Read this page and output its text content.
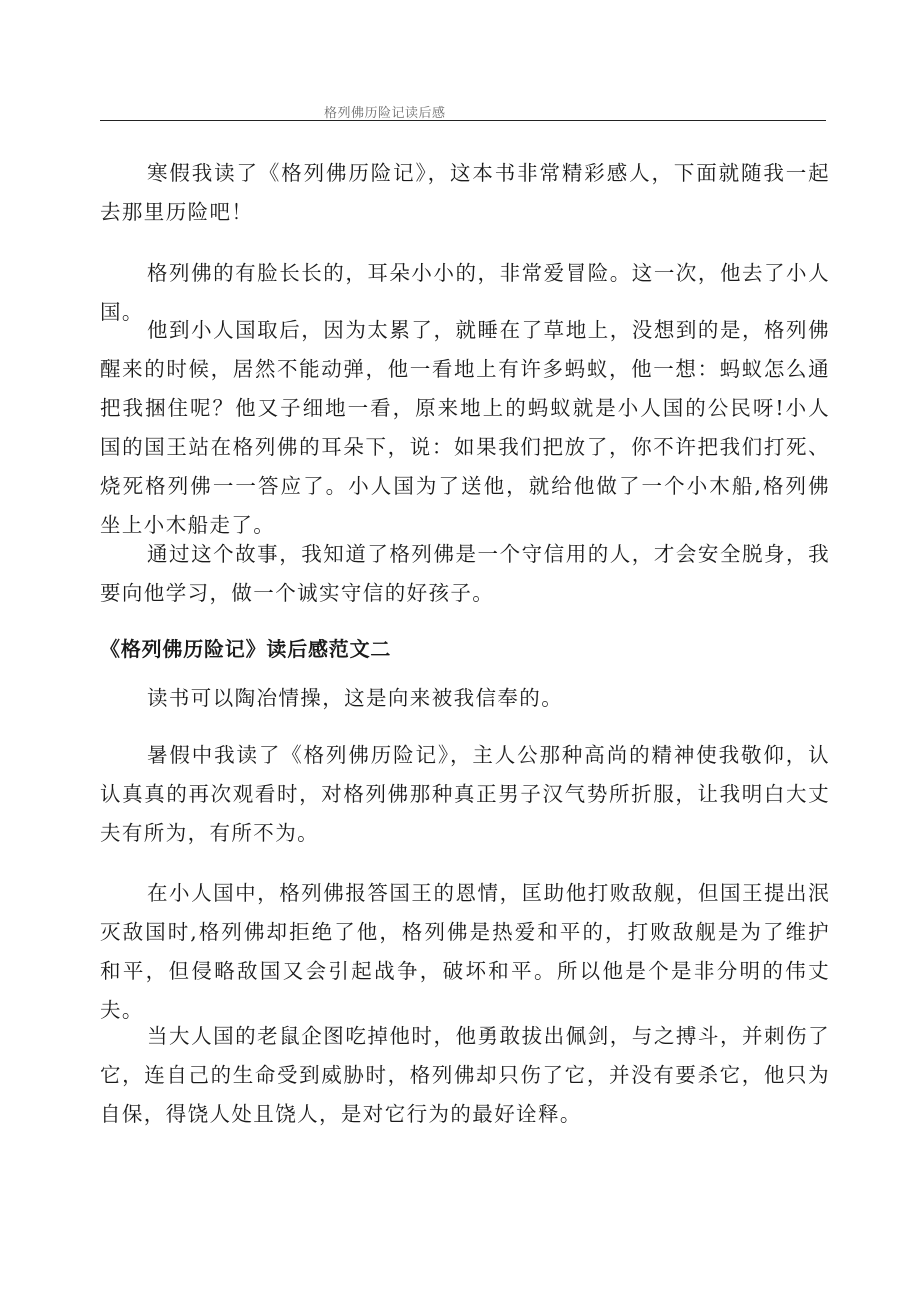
格列佛历险记读后感

寒假我读了《格列佛历险记》，这本书非常精彩感人，下面就随我一起去那里历险吧！

格列佛的有脸长长的，耳朵小小的，非常爱冒险。这一次，他去了小人国。

他到小人国取后，因为太累了，就睡在了草地上，没想到的是，格列佛醒来的时候，居然不能动弹，他一看地上有许多蚂蚁，他一想：蚂蚁怎么通把我捆住呢？他又子细地一看，原来地上的蚂蚁就是小人国的公民呀!小人国的国王站在格列佛的耳朵下，说：如果我们把放了，你不许把我们打死、烧死格列佛一一答应了。小人国为了送他，就给他做了一个小木船,格列佛坐上小木船走了。

通过这个故事，我知道了格列佛是一个守信用的人，才会安全脱身，我要向他学习，做一个诚实守信的好孩子。

《格列佛历险记》读后感范文二

读书可以陶冶情操，这是向来被我信奉的。

暑假中我读了《格列佛历险记》，主人公那种高尚的精神使我敬仰，认认真真的再次观看时，对格列佛那种真正男子汉气势所折服，让我明白大丈夫有所为，有所不为。

在小人国中，格列佛报答国王的恩情，匡助他打败敌舰，但国王提出泯灭敌国时,格列佛却拒绝了他，格列佛是热爱和平的，打败敌舰是为了维护和平，但侵略敌国又会引起战争，破坏和平。所以他是个是非分明的伟丈夫。

当大人国的老鼠企图吃掉他时，他勇敢拔出佩剑，与之搏斗，并刺伤了它，连自己的生命受到威胁时，格列佛却只伤了它，并没有要杀它，他只为自保，得饶人处且饶人，是对它行为的最好诠释。
